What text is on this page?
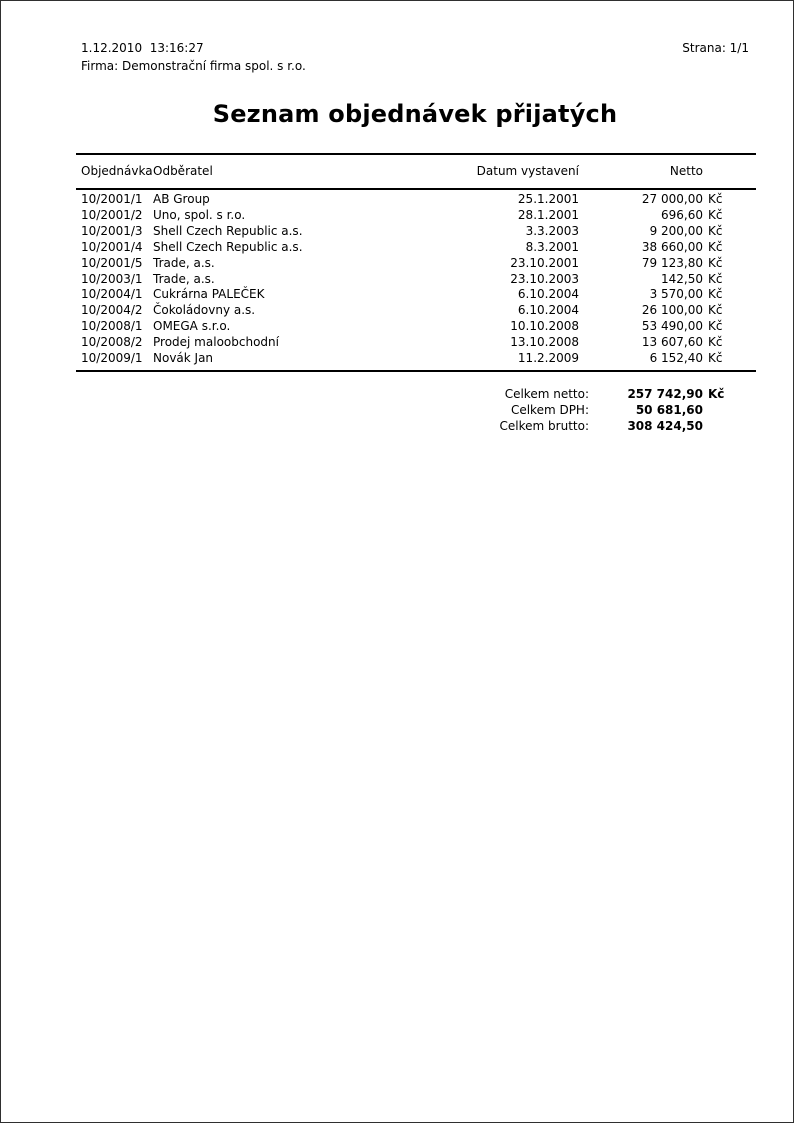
1.12.2010  13:16:27
Firma: Demonstrační firma spol. s r.o.
Strana: 1/1
Seznam objednávek přijatých
Objednávka Odběratel	Datum vystavení	Netto
10/2001/1 AB Group	25.1.2001	27 000,00 Kč
10/2001/2 Uno, spol. s r.o.	28.1.2001	696,60 Kč
10/2001/3 Shell Czech Republic a.s.	3.3.2003	9 200,00 Kč
10/2001/4 Shell Czech Republic a.s.	8.3.2001	38 660,00 Kč
10/2001/5 Trade, a.s.	23.10.2001	79 123,80 Kč
10/2003/1 Trade, a.s.	23.10.2003	142,50 Kč
10/2004/1 Cukrárna PALEČEK	6.10.2004	3 570,00 Kč
10/2004/2 Čokoládovny a.s.	6.10.2004	26 100,00 Kč
10/2008/1 OMEGA s.r.o.	10.10.2008	53 490,00 Kč
10/2008/2 Prodej maloobchodní	13.10.2008	13 607,60 Kč
10/2009/1 Novák Jan	11.2.2009	6 152,40 Kč
Celkem netto:	257 742,90 Kč
Celkem DPH:	50 681,60
Celkem brutto:	308 424,50
